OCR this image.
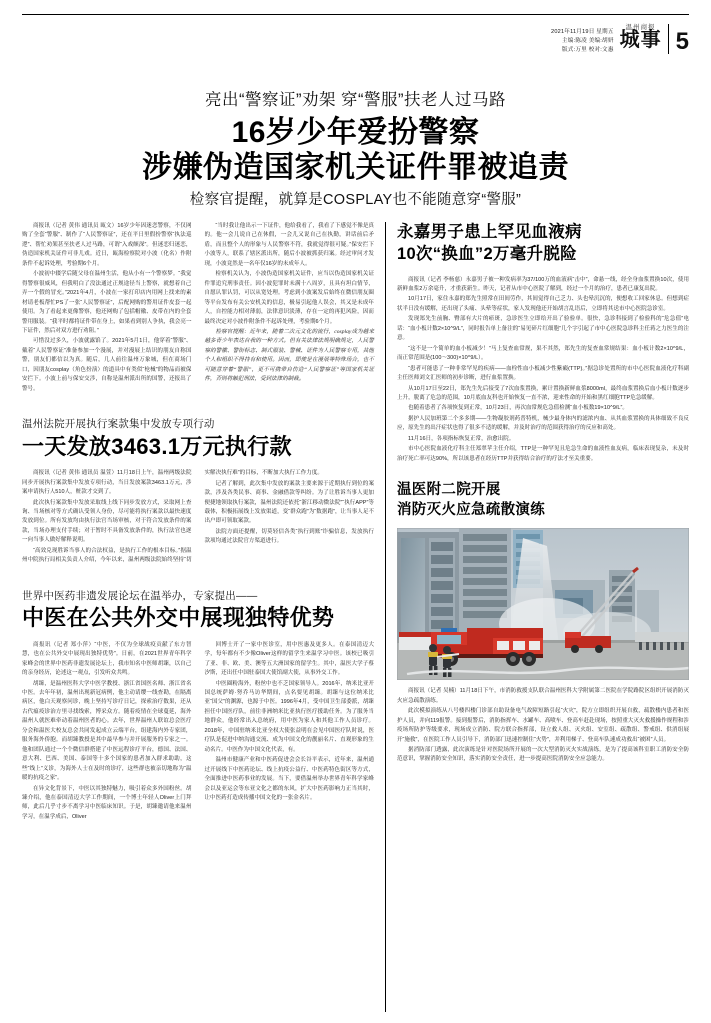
2021年11月19日 星期五
主编:陈凌 美编:胡妍
版式:万里 校对:文惠
温州商报
城事 5
亮出“警察证”劝架 穿“警服”扶老人过马路
16岁少年爱扮警察
涉嫌伪造国家机关证件罪被追责
检察官提醒，就算是COSPLAY也不能随意穿“警服”

商报讯（记者 黄伟 通讯员 瓯文）16岁少年因迷恋警察，不仅网购了全套“警服”、制作了“人民警察证”，还在平日里假扮警察“执法巡逻”、帮忙劝架甚至扶老人过马路，可谓“入戏颇深”。但迷恋归迷恋，伪造国家机关证件可非儿戏。近日，瓯海检察院对小波（化名）作附条件不起诉处理，考验期6个月。

小波初中辍学后随父母在温州生活，他从小有一个警察梦。“我觉得警察很威风，但我明白了没法通过正规途径当上警察，就想着自己弄一个假的冒充。”2021年4月，小波在一家打印店内用网上找来的素材请老板帮忙PS了一张“人民警察证”，后配网购的警用证件皮套一起使用。为了看起来更像警察，他还网购了包括帽徽、皮带在内的全套警用服装。“我平时都将证件带在身上，如果看到别人争执，我会亮一下证件，然后对双方进行劝阻。”

可惜没过多久，小波就露馅了。2021年5月1日，他穿着“警服”、戴着“人民警察证”准备参加一个漫展，并对漫展上结识的朋友自称国警，朋友们都信以为真。随后，几人前往温州万象城，但在商场门口，因朋友cosplay（角色扮演）的道具中有类似“枪械”的物品而被保安拦下。小波上前与保安交涉，自称是温州派出所的国警，还报出了警号。

“当时我让他出示一下证件，他给我看了，我看了下感觉不像是真的。他一会儿说自己在休假，一会儿又说自己在执勤，讲话前后矛盾，而且整个人的形象与人民警察不符，我就觉得很可疑。”保安拦下小波等人，联系了辖区派出所，随后小波被抓获归案。经过审问才发现，小波竟然是一名年仅16岁的未成年人。

检察机关认为，小波伪造国家机关证件，应当以伪造国家机关证件罪追究刑事责任。因小波犯罪时未满十八周岁，且具有坦白情节，自愿认罪认罚，可以从宽处理。考虑到小波案发后始终在微信朋友圈等平台发布有关公安机关的信息，极易引起他人误会，其又是未成年人，自控能力相对薄弱，法律意识淡薄，存在一定的再犯风险，因而最终决定对小波作附条件不起诉处理，考验期6个月。

检察官提醒：近年来，随着二次元文化的流行，cosplay成为越来越多青少年表达自我的一种方式。但有关法律法规明确规定，人民警察的警徽、警衔标志、制式服装、警械、证件为人民警察专用，其他个人和组织不得持有和使用。因而，即使是在漫展等特殊场合，也不可随意穿着“警服”，更不可携带自仿造“人民警察证”等国家机关证件，否则将触犯刑法，受到法律的制裁。

温州法院开展执行案款集中发放专项行动
一天发放3463.1万元执行款

商报讯（记者 黄伟 通讯员 温萱）11月18日上午，温州两级法院同步开展执行案款集中发放专项行动，当日发放案款3463.1万元，涉案申请执行人510人，赃款才交到了。

此次执行案款集中发放采取线上线下同步发放方式，采取网上查询、当场核对等方式确认受领人身份，尽可能将执行案款以最快速度发放到位。所有发放均由执行法官当场审核，对于符合发放条件的案款，当场办理支付手续；对于暂时不具备发放条件的，执行法官也逐一向当事人做好解释说明。

“高效兑现胜诉当事人的合法权益，是执行工作的根本目标。”据温州中院执行局相关负责人介绍，今年以来，温州两级法院始终坚持“切实解决执行难”的目标，不断加大执行工作力度。

记者了解到，此次集中发放的案款主要来源于近期执行到位的案款，涉及各类民事、商事、金融借款等纠纷。为了让胜诉当事人更加便捷地领取执行案款，温州法院还依托“浙江移动微法院”“执行APP”等载体，积极拓展线上发放渠道，变“群众跑”为“数据跑”，让当事人足不出户即可领取案款。

法院方面还提醒，切莫轻信各类“执行到账”诈骗信息，发放执行款项均通过法院官方渠道进行。

世界中医药非遗发展论坛在温举办，专家提出——
中医在公共外交中展现独特优势

商报讯（记者 郑小萍）“中医，不仅为全球战疫贡献了东方智慧，也在公共外交中展现出独特优势”。日前，在2021世界青年科学家峰会的世界中医药非遗发展论坛上，我市知名中医师胡臻，以自己的亲身经历，论述这一观点，引发听众共鸣。

胡臻，是温州医科大学中医学教授、浙江省国医名师、浙江省名中医。去年年初，温州出现新冠病例，他主动请缨一线查勘，在隔离病区，他白天观察问诊，晚上坚持写诊疗日记，探索治疗数果，还从古代瘟疫诊治方里寻找线索，博采众方。随着疫情在全球蔓延，海外温州人就医难牵动着温州医者的心。去年，世界温州人联谊总会医疗分会和温医大校友总会共同发起成立云端平台，组建海内外专家团，服务海外侨胞。而胡臻教授是其中最早参与并开展服务的专家之一。他和团队通过一个个微信群搭建了中医远程诊疗平台，德国、法国、意大利、巴西、美国、泰国等十多个国家的患者加入群求助助，这些“线上”义诊，为海外人士在及时的诊疗，这些群也被亲切地称为“温暖的抗疫之家”。

在异文化背景下，中医以其独特魅力，吸引着众多外国粉丝。胡臻介绍，他在泰国清迈大学工作期间，一个博士年轻人Oliver上门拜师，此后几乎寸步不离学习中医临床知识。于是，胡臻邀请他来温州学习，在温学成后，Oliver

回博士开了一家中医诊室，用中医惠及更多人。在泰国清迈大学，每年都有不少像Oliver这样的留学生来温学习中医。该校已吸引了亚、非、欧、美、澳等五大洲国家的留学生。其中，温医大学子蔡汐斯，还出任中国驻泰国大使馆副大使，从事外交工作。

中医圈粉海外，粉丝中也不乏国家领导人。2016年，纳米比亚开国总统萨姆·努乔马访华期间，点名要见胡臻。胡臻与这位纳米比亚“国父”的渊源，也源于中医。1996年4月，受中国卫生部委派，胡臻担任中国医疗队，前往非洲纳米比亚执行医疗援助任务。为了服务当地群众，他经常出入总统府，用中医为家人和其他工作人员诊疗。2018年，中国驻纳米比亚全权大使张益明在会见中国医疗队时说，医疗队是促进中纳沟通交流、成为中国文化的靓丽名片、直观形象的生动名片。中医作为中国文化代表，有。

温州市健康产业和中医药促进会会长谷平表示，近年来，温州通过开展线下中医药论坛、线上抗疫公益行、中医药特色街区等方式，全面推进中医药事业的发展。当下，要借温州举办世界青年科学家峰会以及亚运会等东亚文化之都的东风，扩大中医药影响力正当其时，让中医药打造成传播中国文化的一张金名片。

永嘉男子患上罕见血液病
10次“换血”2万毫升脱险

商报讯（记者 李杨慈）永嘉男子被一种发病率为37/100万的血液病“击中”，命悬一线，经全身血浆置换10次，使用新鲜血浆2万余毫升，才重获新生。昨天，记者从市中心医院了解到，经过一个月的治疗，患者已康复出院。

10月17日，家住永嘉的郑先生照常在田间劳作，其间觉得自己乏力、头也晕沉沉的，便想收工回家休息。但想到症状半日没有缓解，还出现了头痛、头晕等症状，家人发现他还开始胡言乱语后，立即将其送市中心医院急诊室。

发现郑先生前胸、臀部有大片的瘀斑，急诊医生立即给开出了验验单。很快，急诊科接到了检验科的“危急值”电话：“血小板计数2×10^9/L”，同时报告单上备注的“易见碎片红细胞”几个字引起了市中心医院急诊科主任蒋之力医生的注意。

“这不是一个简单的血小板减少！”马上复查血常规，果不其然，郑先生的复查血常规结果：血小板计数2×10^9/L，而正常范围是(100～300)×10^9/L）。

“患者可能患了一种非常罕见的疾病——血栓性血小板减少性紫癜(TTP)。”据急诊处置所的市中心医院血液化疗科副主任医师刘文汇医师的初步诊断，进行血浆置换。

从10月17日至22日，郑先生先后接受了7次血浆置换，累计置换新鲜血浆8000ml，最终血浆置换后血小板计数逐步上升，脱离了危急的范围，10月底血友科也开始恢复一直不浓，迎来性命的开始和黑红细胞TTP危急缓解。

也随着患者了各项恢复到正常，10月23日，再次血常规危急值检测“血小板数19×10^9/L”。

据护人民加班第二个多多期——生物凝胶剂药普特机，械少最身体内的滤浓内血、从其血浆置换的具体细致不良反应，原先生的出汗症状也得了很多不适的缓解，并及时治疗的范围获得治疗的反应和高处。

11月16日，各项指标恢复正常，治愈出院。

市中心医院血液化疗科主任郑翠苹主任介绍，TTP是一种罕见且危急生命的血液性血友病，临床表现复杂，未及时治疗死亡率可达90%，所以该患者在经历TTP并获得结合治疗的疗法才至关重要。

温医附二院开展
消防灭火应急疏散演练

商报讯（记者 吴楠）11月18日下午，市消防救援支队联合温州医科大学附属第二医院在学院路院区组织开展消防灭火应急疏散演练。

此次模拟演练从八号楼四楼门诊部自助设备电气故障短路引起“火灾”，院方立即组织开展自救，疏散楼内患者和医护人员，并向119报警。接到报警后，消防指挥车、水罐车、高喷车、登高车赶赴现场，按照重大灭火救援操作规程和涉疫场所防护等级要求，现场成立消防、院方联合指挥部，设立救人组、灭火组、安室组、疏散组、警戒组、供消组展开“施救”，在医院工作人员引导下，消防部门迅速控制住“火势”，并利用梯子、登高车队速成功救出“被困”人员。

据消防部门透露，此次演练是针对医院场所开展的一次大型消防灭火实战演练，是为了提高该科室职工消防安全防范意识，掌握消防安全知识，落实消防安全责任，进一步提高医院消防安全应急能力。
